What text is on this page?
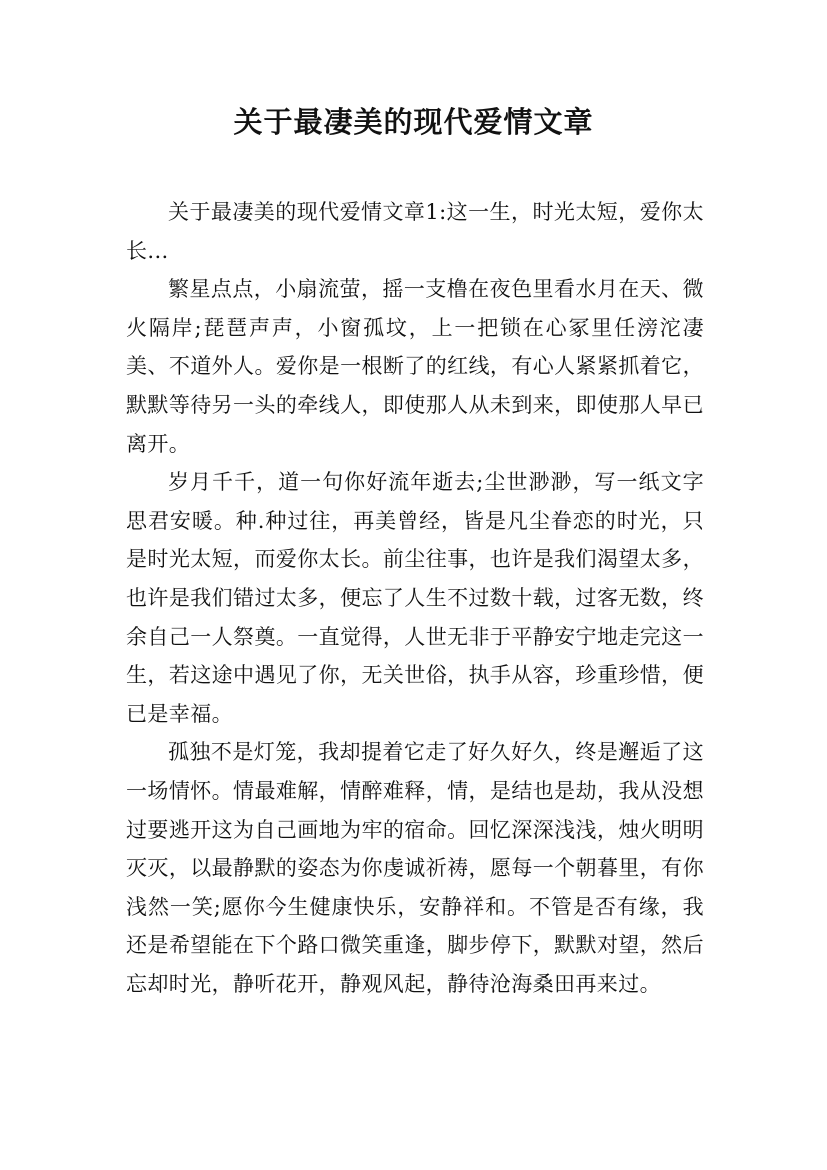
关于最凄美的现代爱情文章

关于最凄美的现代爱情文章1:这一生，时光太短，爱你太长...

繁星点点，小扇流萤，摇一支橹在夜色里看水月在天、微火隔岸;琵琶声声，小窗孤坟，上一把锁在心冢里任滂沱凄美、不道外人。爱你是一根断了的红线，有心人紧紧抓着它，默默等待另一头的牵线人，即使那人从未到来，即使那人早已离开。

岁月千千，道一句你好流年逝去;尘世渺渺，写一纸文字思君安暖。种.种过往，再美曾经，皆是凡尘眷恋的时光，只是时光太短，而爱你太长。前尘往事，也许是我们渴望太多，也许是我们错过太多，便忘了人生不过数十载，过客无数，终余自己一人祭奠。一直觉得，人世无非于平静安宁地走完这一生，若这途中遇见了你，无关世俗，执手从容，珍重珍惜，便已是幸福。

孤独不是灯笼，我却提着它走了好久好久，终是邂逅了这一场情怀。情最难解，情醉难释，情，是结也是劫，我从没想过要逃开这为自己画地为牢的宿命。回忆深深浅浅，烛火明明灭灭，以最静默的姿态为你虔诚祈祷，愿每一个朝暮里，有你浅然一笑;愿你今生健康快乐，安静祥和。不管是否有缘，我还是希望能在下个路口微笑重逢，脚步停下，默默对望，然后忘却时光，静听花开，静观风起，静待沧海桑田再来过。
